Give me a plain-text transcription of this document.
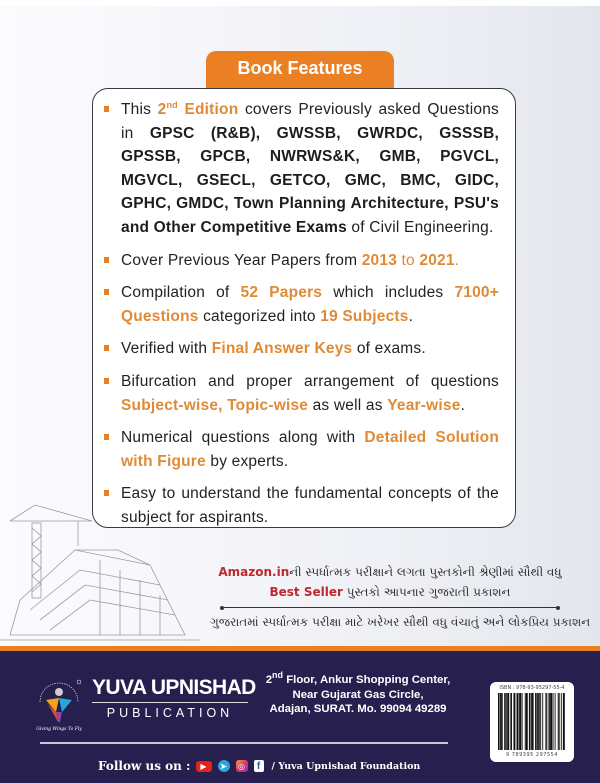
Book Features
This 2nd Edition covers Previously asked Questions in GPSC (R&B), GWSSB, GWRDC, GSSSB, GPSSB, GPCB, NWRWS&K, GMB, PGVCL, MGVCL, GSECL, GETCO, GMC, BMC, GIDC, GPHC, GMDC, Town Planning Architecture, PSU's and Other Competitive Exams of Civil Engineering.
Cover Previous Year Papers from 2013 to 2021.
Compilation of 52 Papers which includes 7100+ Questions categorized into 19 Subjects.
Verified with Final Answer Keys of exams.
Bifurcation and proper arrangement of questions Subject-wise, Topic-wise as well as Year-wise.
Numerical questions along with Detailed Solution with Figure by experts.
Easy to understand the fundamental concepts of the subject for aspirants.
Amazon.inની સ્પર્ધાત્મક પરીક્ષાને લગતા પુસ્તકોની શ્રેણીમાં સૌથી વધુ
Best Seller પુસ્તકો આપનાર ગુજરાતી પ્રકાશન
ગુજરાતમાં સ્પર્ધાત્મક પરીક્ષા માટે ખરેખર સૌથી વધુ વંચાતું અને લોકપ્રિય પ્રકાશન
Giving Wings To Fly
YUVA UPNISHAD
PUBLICATION
2nd Floor, Ankur Shopping Center,
Near Gujarat Gas Circle,
Adajan, SURAT. Mo. 99094 49289
ISBN : 978-93-95297-55-4
9 789395 297554
Follow us on :	▶	➤	◎	f	/ Yuva Upnishad Foundation
